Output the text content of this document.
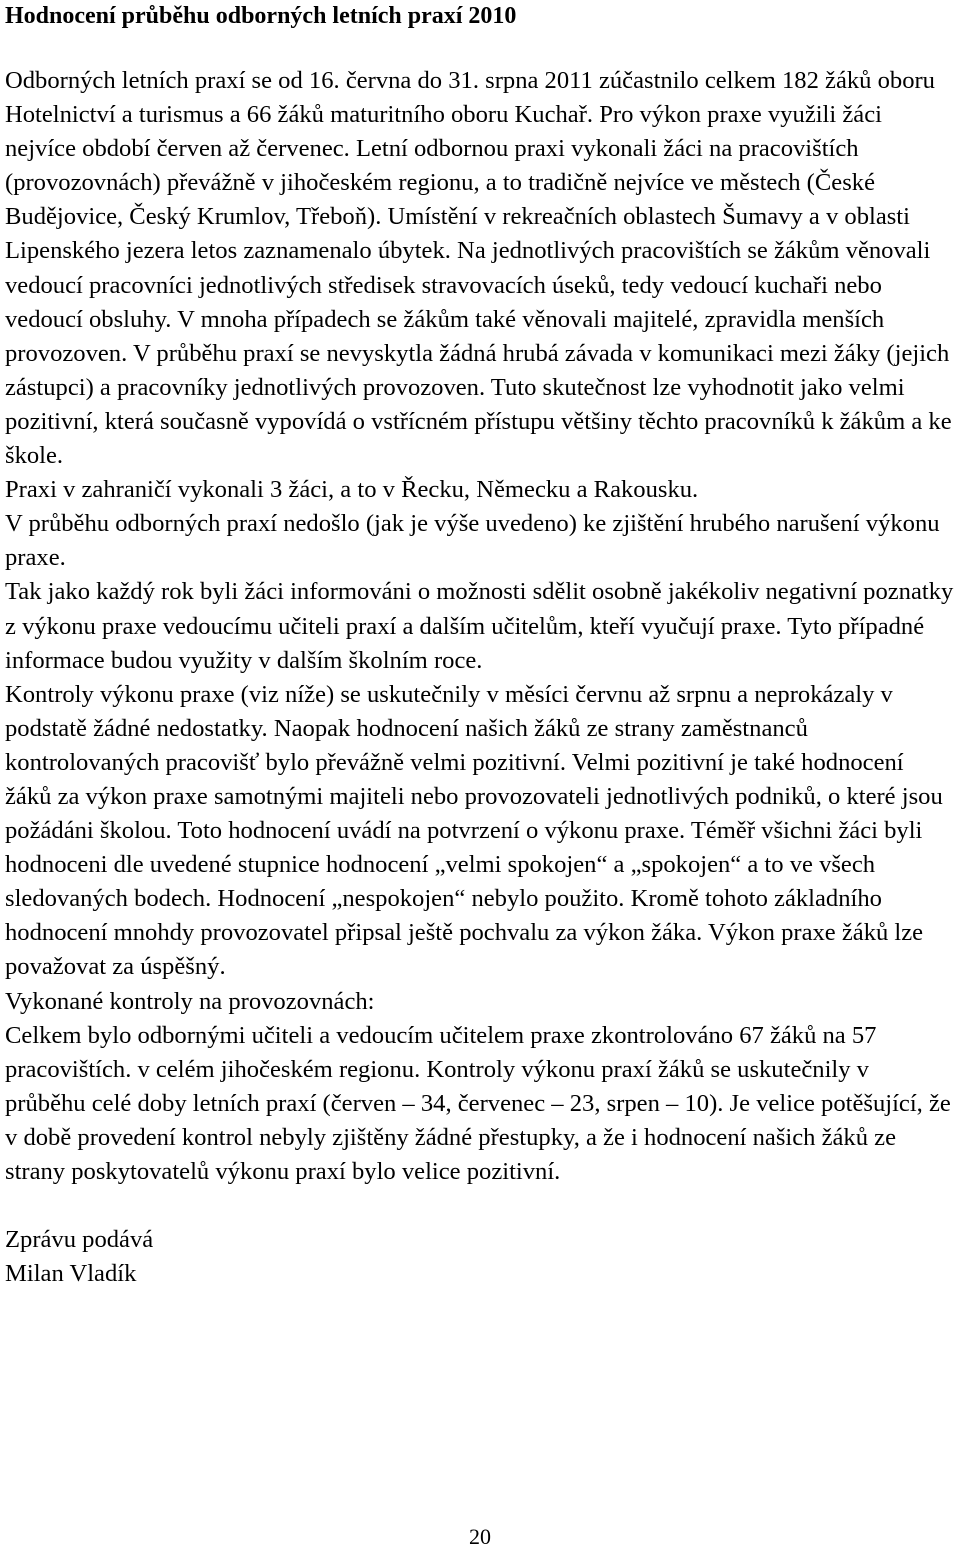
Hodnocení průběhu odborných letních praxí 2010

Odborných letních praxí se od 16. června do 31. srpna 2011 zúčastnilo celkem 182 žáků oboru Hotelnictví a turismus a 66 žáků maturitního oboru Kuchař. Pro výkon praxe využili žáci nejvíce období červen až červenec. Letní odbornou praxi vykonali žáci na pracovištích (provozovnách) převážně v jihočeském regionu, a to tradičně nejvíce ve městech (České Budějovice, Český Krumlov, Třeboň). Umístění v rekreačních oblastech Šumavy a v oblasti Lipenského jezera letos zaznamenalo úbytek. Na jednotlivých pracovištích se žákům věnovali vedoucí pracovníci jednotlivých středisek stravovacích úseků, tedy vedoucí kuchaři nebo vedoucí obsluhy. V mnoha případech se žákům také věnovali majitelé, zpravidla menších provozoven. V průběhu praxí se nevyskytla žádná hrubá závada v komunikaci mezi žáky (jejich zástupci) a pracovníky jednotlivých provozoven. Tuto skutečnost lze vyhodnotit jako velmi pozitivní, která současně vypovídá o vstřícném přístupu většiny těchto pracovníků k žákům a ke škole.

Praxi v zahraničí vykonali 3 žáci, a to v Řecku, Německu a Rakousku.

V průběhu odborných praxí nedošlo (jak je výše uvedeno) ke zjištění hrubého narušení výkonu praxe.

Tak jako každý rok byli žáci informováni o možnosti sdělit osobně jakékoliv negativní poznatky z výkonu praxe vedoucímu učiteli praxí a dalším učitelům, kteří vyučují praxe. Tyto případné informace budou využity v dalším školním roce.

Kontroly výkonu praxe (viz níže) se uskutečnily v měsíci červnu až srpnu a neprokázaly v podstatě žádné nedostatky. Naopak hodnocení našich žáků ze strany zaměstnanců kontrolovaných pracovišť bylo převážně velmi pozitivní. Velmi pozitivní je také hodnocení žáků za výkon praxe samotnými majiteli nebo provozovateli jednotlivých podniků, o které jsou požádáni školou. Toto hodnocení uvádí na potvrzení o výkonu praxe. Téměř všichni žáci byli hodnoceni dle uvedené stupnice hodnocení „velmi spokojen“ a „spokojen“ a to ve všech sledovaných bodech. Hodnocení „nespokojen“ nebylo použito. Kromě tohoto základního hodnocení mnohdy provozovatel připsal ještě pochvalu za výkon žáka. Výkon praxe žáků lze považovat za úspěšný.

Vykonané kontroly na provozovnách:

Celkem bylo odbornými učiteli a vedoucím učitelem praxe zkontrolováno 67 žáků na 57 pracovištích. v celém jihočeském regionu. Kontroly výkonu praxí žáků se uskutečnily v průběhu celé doby letních praxí (červen – 34, červenec – 23, srpen – 10). Je velice potěšující, že v době provedení kontrol nebyly zjištěny žádné přestupky, a že i hodnocení našich žáků ze strany poskytovatelů výkonu praxí bylo velice pozitivní.

Zprávu podává

Milan Vladík

20
